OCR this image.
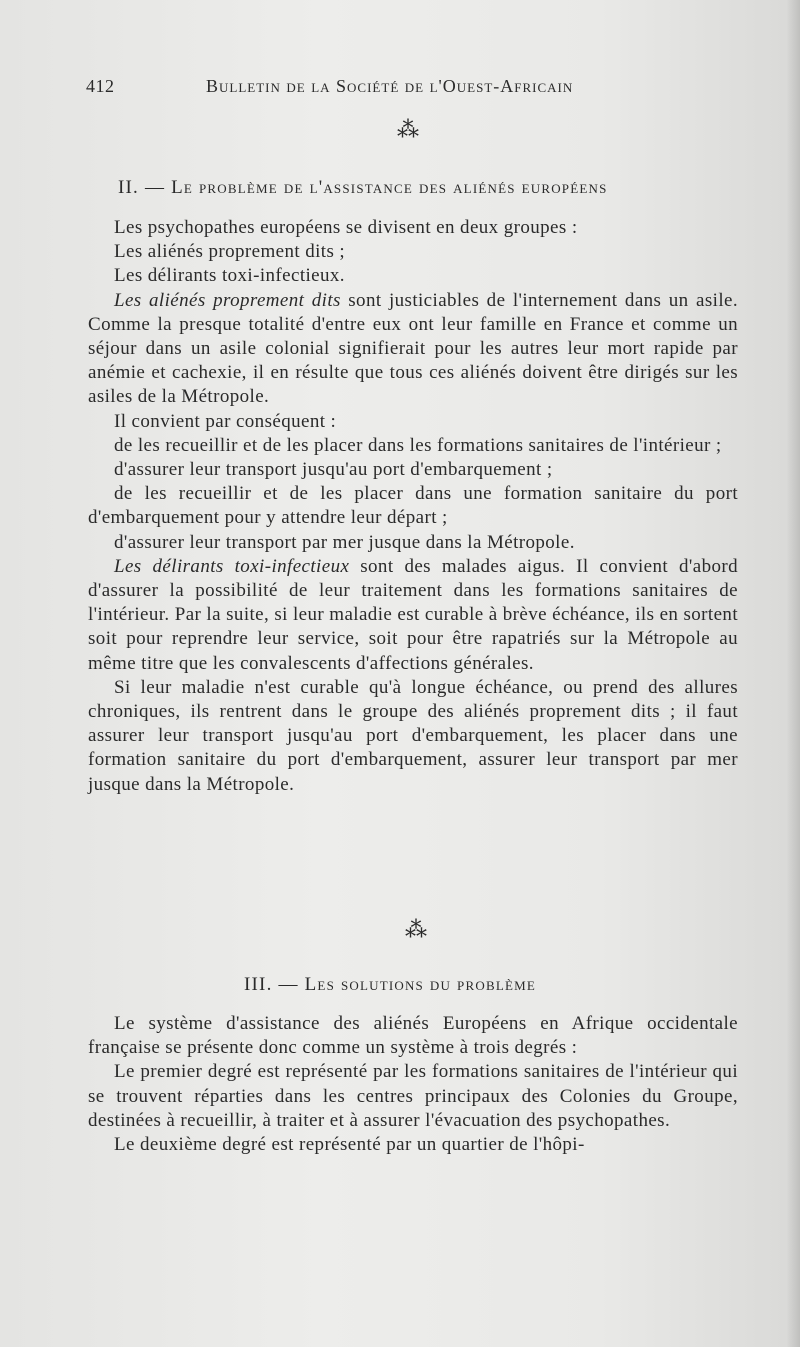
412	Bulletin de la Société de l'Ouest-Africain
⁂
II. — Le problème de l'assistance des aliénés européens

Les psychopathes européens se divisent en deux groupes :

Les aliénés proprement dits ;

Les délirants toxi-infectieux.

Les aliénés proprement dits sont justiciables de l'internement dans un asile. Comme la presque totalité d'entre eux ont leur famille en France et comme un séjour dans un asile colonial signifierait pour les autres leur mort rapide par anémie et cachexie, il en résulte que tous ces aliénés doivent être dirigés sur les asiles de la Métropole.

Il convient par conséquent :

de les recueillir et de les placer dans les formations sanitaires de l'intérieur ;

d'assurer leur transport jusqu'au port d'embarquement ;

de les recueillir et de les placer dans une formation sanitaire du port d'embarquement pour y attendre leur départ ;

d'assurer leur transport par mer jusque dans la Métropole.

Les délirants toxi-infectieux sont des malades aigus. Il convient d'abord d'assurer la possibilité de leur traitement dans les formations sanitaires de l'intérieur. Par la suite, si leur maladie est curable à brève échéance, ils en sortent soit pour reprendre leur service, soit pour être rapatriés sur la Métropole au même titre que les convalescents d'affections générales.

Si leur maladie n'est curable qu'à longue échéance, ou prend des allures chroniques, ils rentrent dans le groupe des aliénés proprement dits ; il faut assurer leur transport jusqu'au port d'embarquement, les placer dans une formation sanitaire du port d'embarquement, assurer leur transport par mer jusque dans la Métropole.

⁂
III. — Les solutions du problème

Le système d'assistance des aliénés Européens en Afrique occidentale française se présente donc comme un système à trois degrés :

Le premier degré est représenté par les formations sanitaires de l'intérieur qui se trouvent réparties dans les centres principaux des Colonies du Groupe, destinées à recueillir, à traiter et à assurer l'évacuation des psychopathes.

Le deuxième degré est représenté par un quartier de l'hôpi-
